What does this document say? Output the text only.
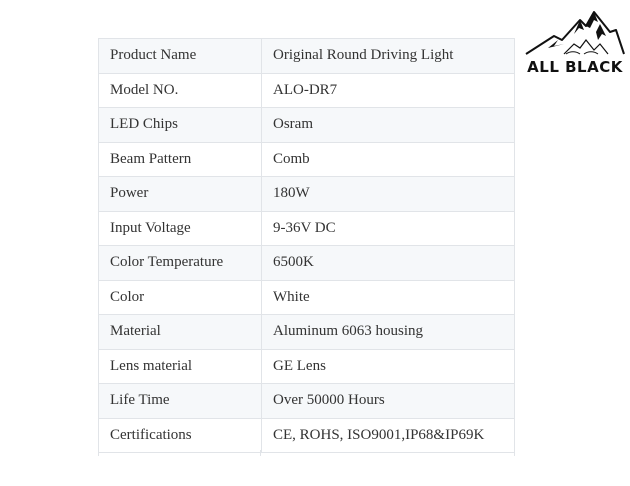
Product Name	Original Round Driving Light
Model NO.	ALO-DR7
LED Chips	Osram
Beam Pattern	Comb
Power	180W
Input Voltage	9-36V DC
Color Temperature	6500K
Color	White
Material	Aluminum 6063 housing
Lens material	GE Lens
Life Time	Over 50000 Hours
Certifications	CE, ROHS, ISO9001,IP68&IP69K
ALL BLACK
